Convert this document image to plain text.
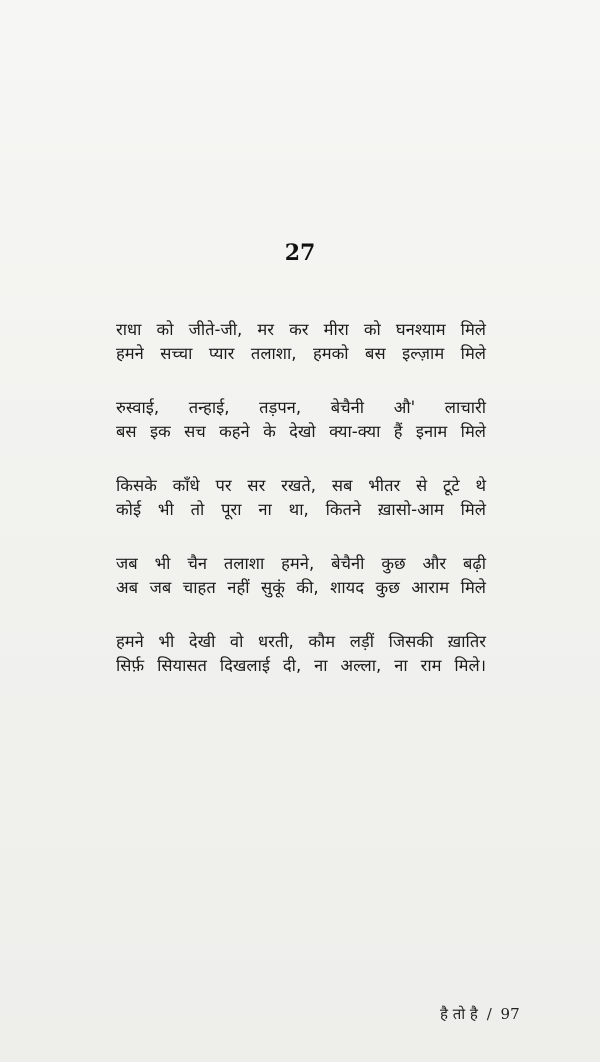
27
राधा को जीते-जी, मर कर मीरा को घनश्याम मिले
हमने सच्चा प्यार तलाशा, हमको बस इल्ज़ाम मिले
रुस्वाई, तन्हाई, तड़पन, बेचैनी औ' लाचारी
बस इक सच कहने के देखो क्या-क्या हैं इनाम मिले
किसके काँधे पर सर रखते, सब भीतर से टूटे थे
कोई भी तो पूरा ना था, कितने ख़ासो-आम मिले
जब भी चैन तलाशा हमने, बेचैनी कुछ और बढ़ी
अब जब चाहत नहीं सुकूं की, शायद कुछ आराम मिले
हमने भी देखी वो धरती, कौम लड़ीं जिसकी ख़ातिर
सिर्फ़ सियासत दिखलाई दी, ना अल्ला, ना राम मिले।
है तो है / 97
